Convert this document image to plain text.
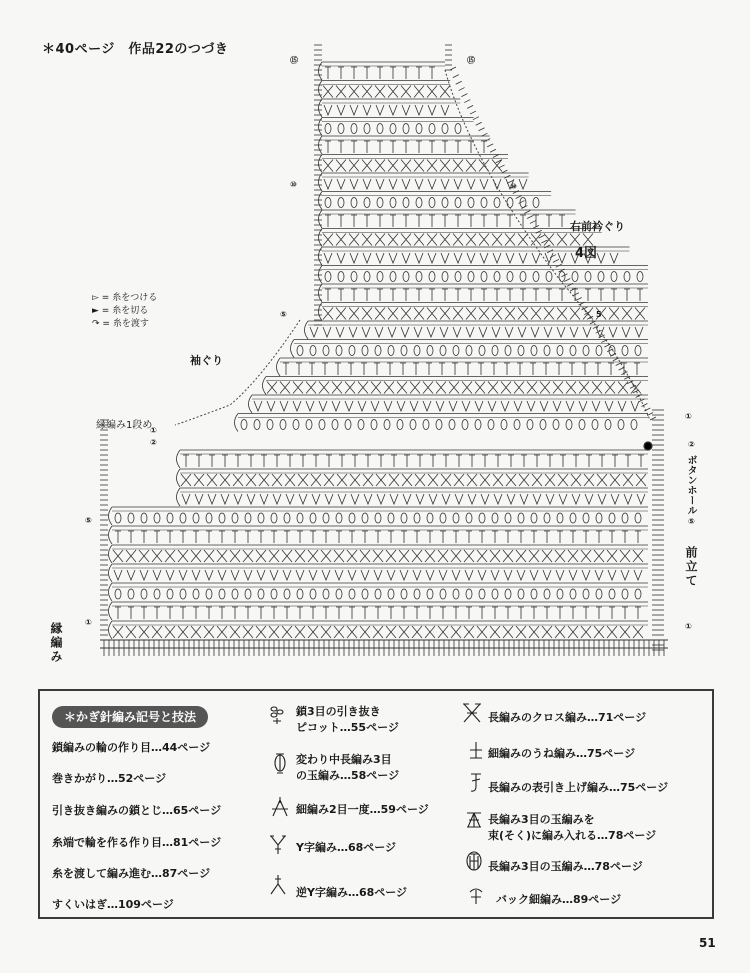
＊40ページ　作品22のつづき
右前衿ぐり
4図
袖ぐり
縁編み1段め
縁編み
ボタンホール
前立て
▻ = 糸をつける
► = 糸を切る
↷ = 糸を渡す
⑮
⑩
⑤
①
②
⑤
①
⑮
⑩
5
①
②
⑤
①
＊かぎ針編み記号と技法
鎖編みの輪の作り目…44ページ
巻きかがり…52ページ
引き抜き編みの鎖とじ…65ページ
糸端で輪を作る作り目…81ページ
糸を渡して編み進む…87ページ
すくいはぎ…109ページ
鎖3目の引き抜き
ピコット…55ページ
変わり中長編み3目
の玉編み…58ページ
細編み2目一度…59ページ
Y字編み…68ページ
逆Y字編み…68ページ
長編みのクロス編み…71ページ
細編みのうね編み…75ページ
長編みの表引き上げ編み…75ページ
長編み3目の玉編みを
束(そく)に編み入れる…78ページ
長編み3目の玉編み…78ページ
バック細編み…89ページ
51
